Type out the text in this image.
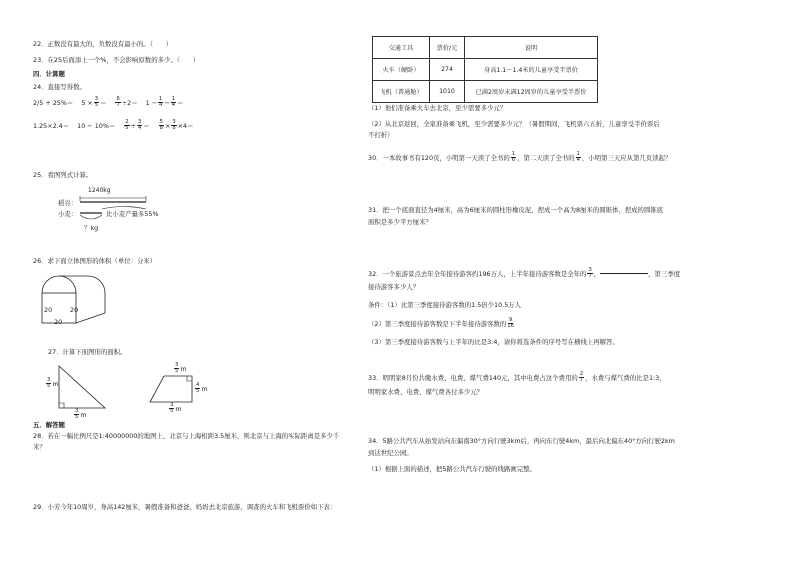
22．正数没有最大的，负数没有最小的。（　　）
23．在25后面添上一个%，不会影响原数的多少。（　　）
四．计算题
24．直接写得数。
$2/5 + 25\%= 5 \times \frac{3}{5} = \frac{6}{7} \div 2= 1 - \frac{1}{4} - \frac{1}{4}$ ＝
$1.25\times 2.4= 10 - 10\%= \frac{2}{5} \div \frac{3}{4} = \frac{5}{8} \times \frac{3}{8} \times 4=$
25．看图列式计算。
1240kg
稻谷：
小麦：	比小麦产量多55%
？kg
26．求下面立体图形的体积（单位：分米）
20	20
20
27．计算下面图形的面积。
$\frac{3}{5}$ m
$\frac{3}{5}$ m
$\frac{3}{5}$ m
$\frac{4}{5}$ m
$\frac{3}{5}$ m
五．解答题
28．若在一幅比例尺是1:40000000的地图上，北京与上海相距3.5厘米，则北京与上海的实际距离是多少千
米？
29．小芳今年10周岁，身高142厘米，暑假准备和爸爸、妈妈去北京旅游，调查的火车和飞机票价如下表：
交通工具	票价/元	说明
火车（硬卧）	274	身高1.1～1.4米的儿童享受半票价
飞机（普通舱）	1010	已满2周岁未满12周岁的儿童享受半票价
（1）他们准备乘火车去北京，至少需要多少元？
（2）从北京返回，全家准备乘飞机，至少需要多少元？（暑假期间，飞机票六五折，儿童享受半价票后
不打折）
30．一本故事书有120页，小明第一天读了全书的 $\frac{1}{6}$ ，第二天读了全书的 $\frac{1}{4}$ ，小明第三天应从第几页读起？
31．把一个底面直径为4厘米，高为6厘米的圆柱形橡皮泥，捏成一个高为8厘米的圆锥体，捏成的圆锥底
面积是多少平方厘米？
32．一个旅游景点去年全年接待游客约196万人，上半年接待游客数是全年的 $\frac{3}{7}$ ，	，第三季度
接待游客多少人？
条件：（1）比第三季度接待游客数的1.5倍少10.5万人
（2）第三季度接待游客数是下半年接待游客数的 $\frac{9}{16}$
（3）第三季度接待游客数与上半年的比是3:4，请你将选条件的序号写在横线上再解答。
33．明明家8月份共缴水费、电费、煤气费140元，其中电费占这个费用的 $\frac{2}{7}$ ，水费与煤气费的比是1:3，
明明家水费、电费、煤气费各付多少元？
34．5路公共汽车从始发站向东偏南30°方向行驶3km后，再向东行驶4km，最后向北偏东40°方向行驶2km
到达世纪公园。
（1）根据上面的描述，把5路公共汽车行驶的线路画完整。
